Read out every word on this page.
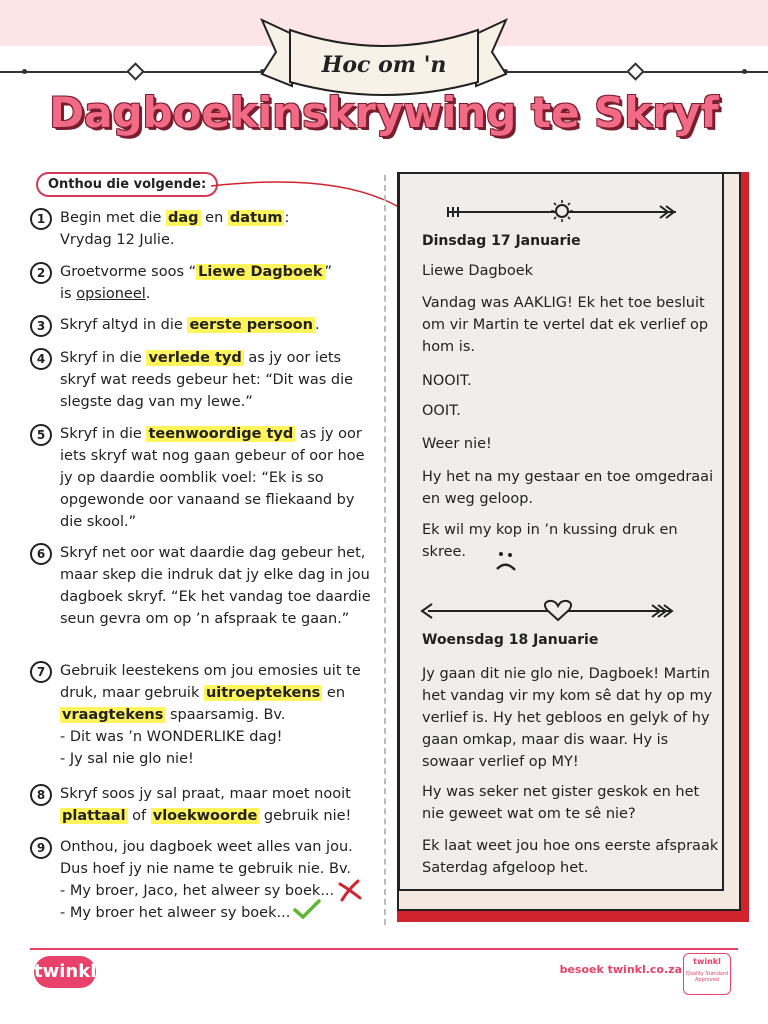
Hoc om 'n
Dagboekinskrywing te Skryf
Onthou die volgende:
1	Begin met die dag en datum :
Vrydag 12 Julie.
2	Groetvorme soos “ Liewe Dagboek ”
is opsioneel.
3	Skryf altyd in die eerste persoon .
4	Skryf in die verlede tyd as jy oor iets skryf wat reeds gebeur het: “Dit was die slegste dag van my lewe.”
5	Skryf in die teenwoordige tyd as jy oor iets skryf wat nog gaan gebeur of oor hoe jy op daardie oomblik voel: “Ek is so opgewonde oor vanaand se fliekaand by die skool.”
6	Skryf net oor wat daardie dag gebeur het, maar skep die indruk dat jy elke dag in jou dagboek skryf. “Ek het vandag toe daardie seun gevra om op ’n afspraak te gaan.”
7	Gebruik leestekens om jou emosies uit te druk, maar gebruik uitroeptekens en vraagtekens spaarsamig. Bv.
- Dit was ’n WONDERLIKE dag!
- Jy sal nie glo nie!
8	Skryf soos jy sal praat, maar moet nooit plattaal of vloekwoorde gebruik nie!
9	Onthou, jou dagboek weet alles van jou. Dus hoef jy nie name te gebruik nie. Bv.
- My broer, Jaco, het alweer sy boek...
- My broer het alweer sy boek...
Dinsdag 17 Januarie
Liewe Dagboek
Vandag was AAKLIG! Ek het toe besluit om vir Martin te vertel dat ek verlief op hom is.
NOOIT.
OOIT.
Weer nie!
Hy het na my gestaar en toe omgedraai en weg geloop.
Ek wil my kop in ’n kussing druk en skree.
Woensdag 18 Januarie
Jy gaan dit nie glo nie, Dagboek! Martin het vandag vir my kom sê dat hy op my verlief is. Hy het gebloos en gelyk of hy gaan omkap, maar dis waar. Hy is sowaar verlief op MY!
Hy was seker net gister geskok en het nie geweet wat om te sê nie?
Ek laat weet jou hoe ons eerste afspraak Saterdag afgeloop het.
twinkl	besoek twinkl.co.za
twinkl
Quality Standard Approved
